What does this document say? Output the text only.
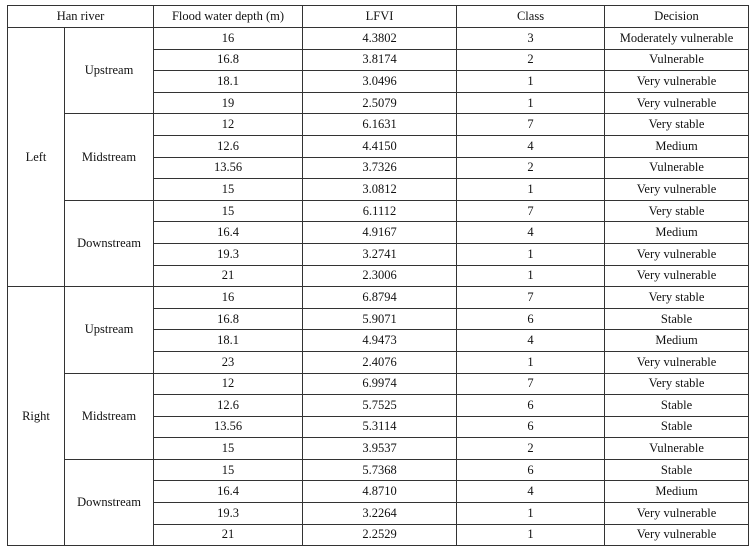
Han river		Flood water depth (m)	LFVI	Class	Decision
Left	Upstream	16	4.3802	3	Moderately vulnerable
		16.8	3.8174	2	Vulnerable
		18.1	3.0496	1	Very vulnerable
		19	2.5079	1	Very vulnerable
	Midstream	12	6.1631	7	Very stable
		12.6	4.4150	4	Medium
		13.56	3.7326	2	Vulnerable
		15	3.0812	1	Very vulnerable
	Downstream	15	6.1112	7	Very stable
		16.4	4.9167	4	Medium
		19.3	3.2741	1	Very vulnerable
		21	2.3006	1	Very vulnerable
Right	Upstream	16	6.8794	7	Very stable
		16.8	5.9071	6	Stable
		18.1	4.9473	4	Medium
		23	2.4076	1	Very vulnerable
	Midstream	12	6.9974	7	Very stable
		12.6	5.7525	6	Stable
		13.56	5.3114	6	Stable
		15	3.9537	2	Vulnerable
	Downstream	15	5.7368	6	Stable
		16.4	4.8710	4	Medium
		19.3	3.2264	1	Very vulnerable
		21	2.2529	1	Very vulnerable
